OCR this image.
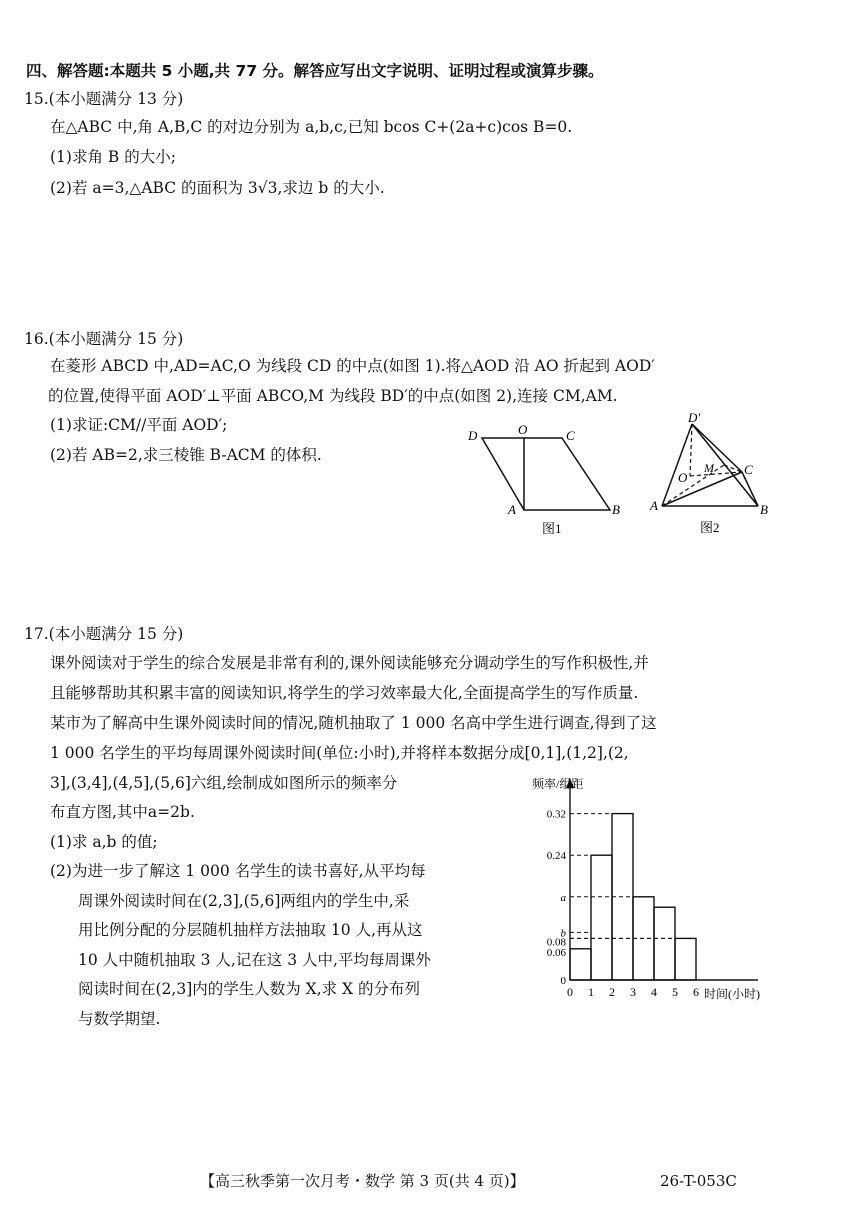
四、解答题:本题共 5 小题,共 77 分。解答应写出文字说明、证明过程或演算步骤。
15.(本小题满分 13 分)
在△ABC 中,角 A,B,C 的对边分别为 a,b,c,已知 bcos C+(2a+c)cos B=0.
(1)求角 B 的大小;
(2)若 a=3,△ABC 的面积为 3√3,求边 b 的大小.
16.(本小题满分 15 分)
在菱形 ABCD 中,AD=AC,O 为线段 CD 的中点(如图 1).将△AOD 沿 AO 折起到 AOD′
的位置,使得平面 AOD′⊥平面 ABCO,M 为线段 BD′的中点(如图 2),连接 CM,AM.
(1)求证:CM//平面 AOD′;
(2)若 AB=2,求三棱锥 B-ACM 的体积.
D	O	C
A	B
图1
D′
O
M C
A	B
图2
17.(本小题满分 15 分)
课外阅读对于学生的综合发展是非常有利的,课外阅读能够充分调动学生的写作积极性,并
且能够帮助其积累丰富的阅读知识,将学生的学习效率最大化,全面提高学生的写作质量.
某市为了解高中生课外阅读时间的情况,随机抽取了 1 000 名高中学生进行调查,得到了这
1 000 名学生的平均每周课外阅读时间(单位:小时),并将样本数据分成[0,1],(1,2],(2,
3],(3,4],(4,5],(5,6]六组,绘制成如图所示的频率分
布直方图,其中a=2b.
(1)求 a,b 的值;
(2)为进一步了解这 1 000 名学生的读书喜好,从平均每
周课外阅读时间在(2,3],(5,6]两组内的学生中,采
用比例分配的分层随机抽样方法抽取 10 人,再从这
10 人中随机抽取 3 人,记在这 3 人中,平均每周课外
阅读时间在(2,3]内的学生人数为 X,求 X 的分布列
与数学期望.
频率/组距
0.32
0.24
a
b
0.08
0.06
0
0 1 2 3 4 5 6 时间(小时)
【高三秋季第一次月考・数学 第 3 页(共 4 页)】	26-T-053C
